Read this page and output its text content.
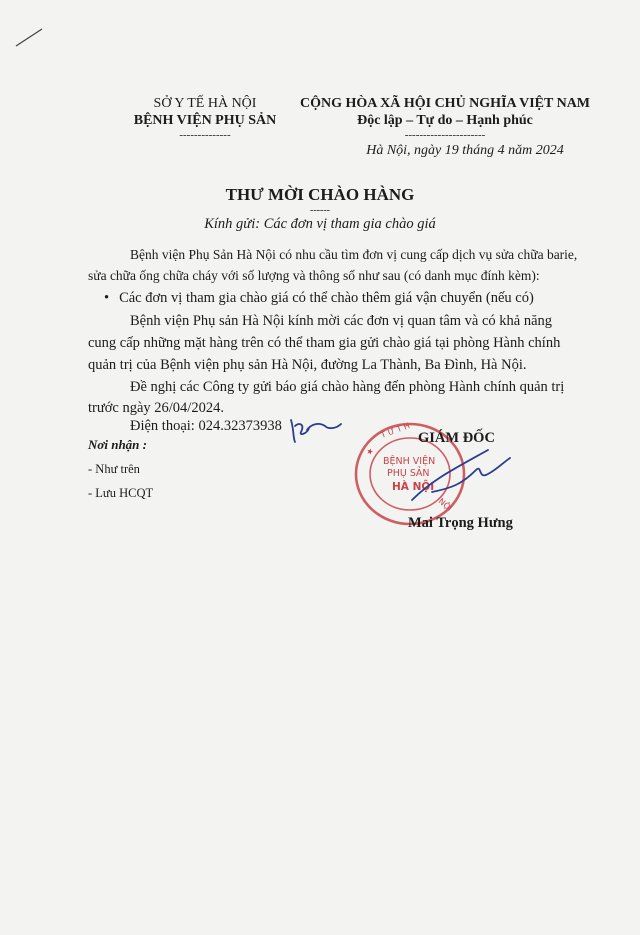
SỞ Y TẾ HÀ NỘI
BỆNH VIỆN PHỤ SẢN
--------------
CỘNG HÒA XÃ HỘI CHỦ NGHĨA VIỆT NAM
Độc lập – Tự do – Hạnh phúc
----------------------
Hà Nội, ngày 19 tháng 4 năm 2024
THƯ MỜI CHÀO HÀNG
------
Kính gửi: Các đơn vị tham gia chào giá
Bệnh viện Phụ Sản Hà Nội có nhu cầu tìm đơn vị cung cấp dịch vụ sửa chữa barie,
sửa chữa ống chữa cháy với số lượng và thông số như sau (có danh mục đính kèm):
• Các đơn vị tham gia chào giá có thể chào thêm giá vận chuyển (nếu có)
Bệnh viện Phụ sản Hà Nội kính mời các đơn vị quan tâm và có khả năng
cung cấp những mặt hàng trên có thể tham gia gửi chào giá tại phòng Hành chính
quản trị của Bệnh viện phụ sản Hà Nội, đường La Thành, Ba Đình, Hà Nội.
Đề nghị các Công ty gửi báo giá chào hàng đến phòng Hành chính quản trị
trước ngày 26/04/2024.
Điện thoại: 024.32373938
Nơi nhận :
- Như trên
- Lưu HCQT
★
T Ư T H
NỘI
BỆNH VIỆN
PHỤ SẢN
HÀ NỘI
GIÁM ĐỐC
Mai Trọng Hưng
